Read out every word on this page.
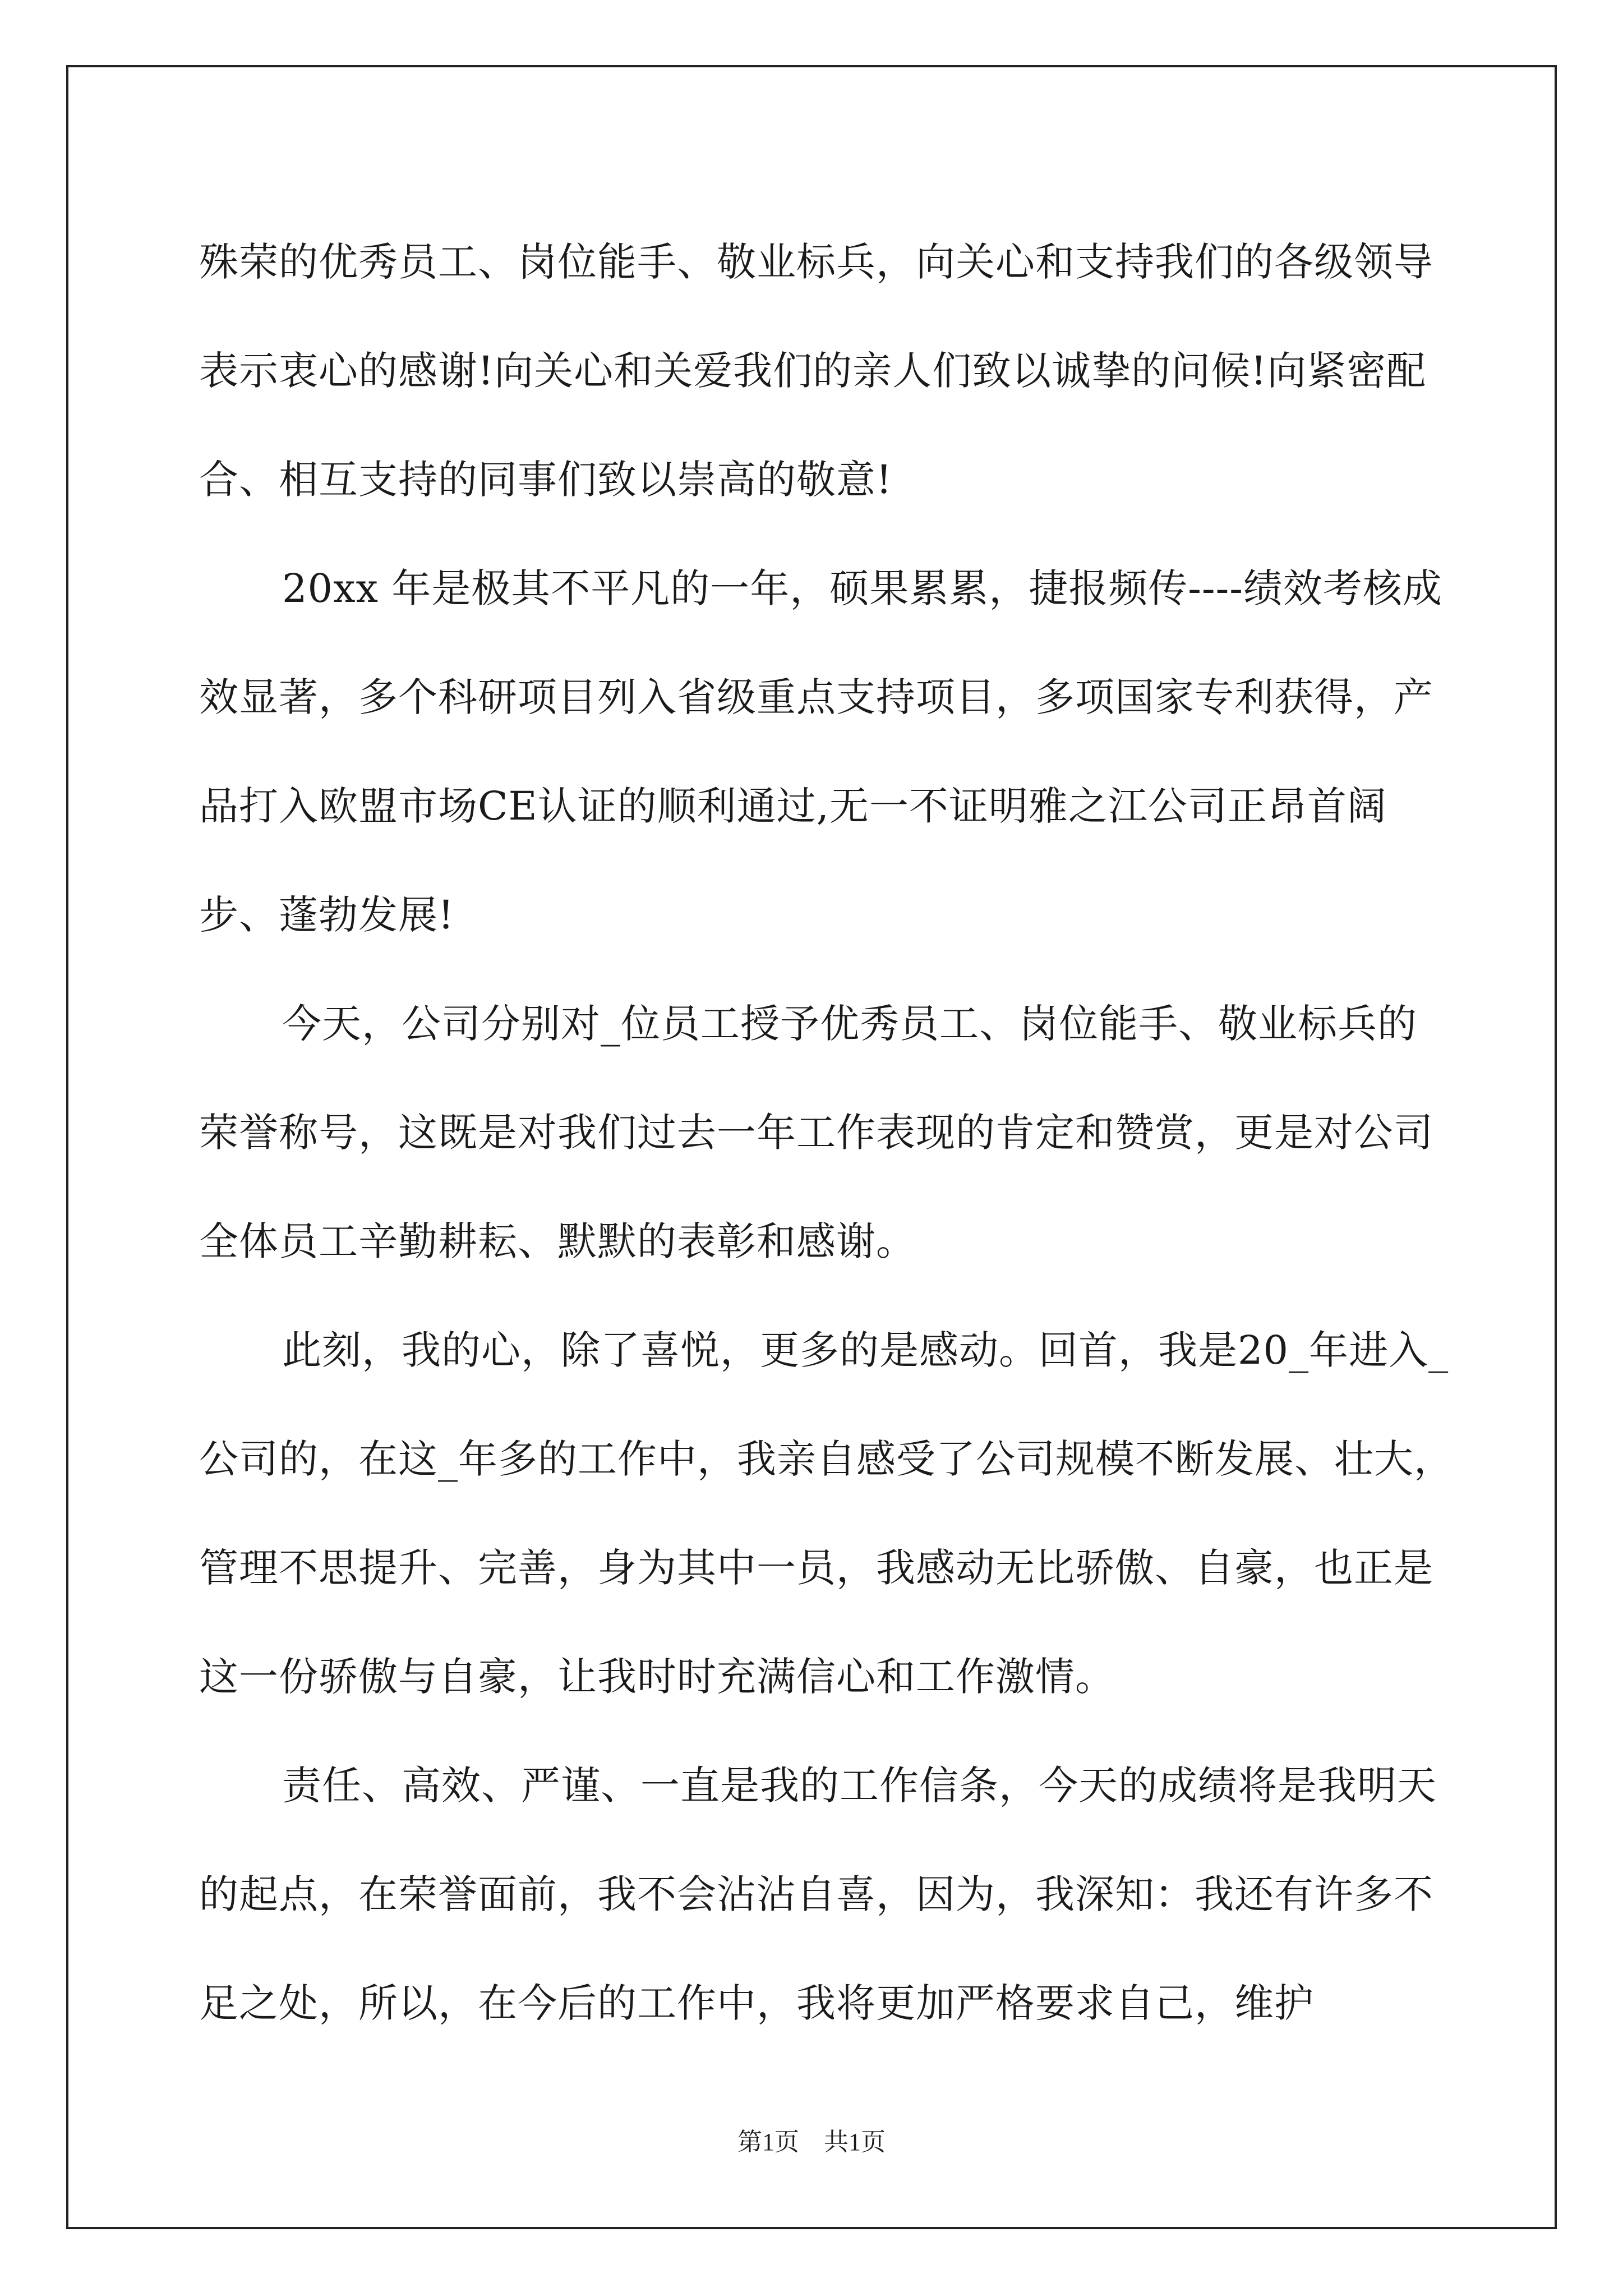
殊荣的优秀员工、岗位能手、敬业标兵，向关心和支持我们的各级领导表示衷心的感谢!向关心和关爱我们的亲人们致以诚挚的问候!向紧密配合、相互支持的同事们致以崇高的敬意!

20xx 年是极其不平凡的一年，硕果累累，捷报频传----绩效考核成效显著，多个科研项目列入省级重点支持项目，多项国家专利获得，产品打入欧盟市场CE认证的顺利通过,无一不证明雅之江公司正昂首阔步、蓬勃发展!

今天，公司分别对_位员工授予优秀员工、岗位能手、敬业标兵的荣誉称号，这既是对我们过去一年工作表现的肯定和赞赏，更是对公司全体员工辛勤耕耘、默默的表彰和感谢。

此刻，我的心，除了喜悦，更多的是感动。回首，我是20_年进入_公司的，在这_年多的工作中，我亲自感受了公司规模不断发展、壮大，管理不思提升、完善，身为其中一员，我感动无比骄傲、自豪，也正是这一份骄傲与自豪，让我时时充满信心和工作激情。

责任、高效、严谨、一直是我的工作信条，今天的成绩将是我明天的起点，在荣誉面前，我不会沾沾自喜，因为，我深知：我还有许多不足之处，所以，在今后的工作中，我将更加严格要求自己，维护

第1页　共1页
